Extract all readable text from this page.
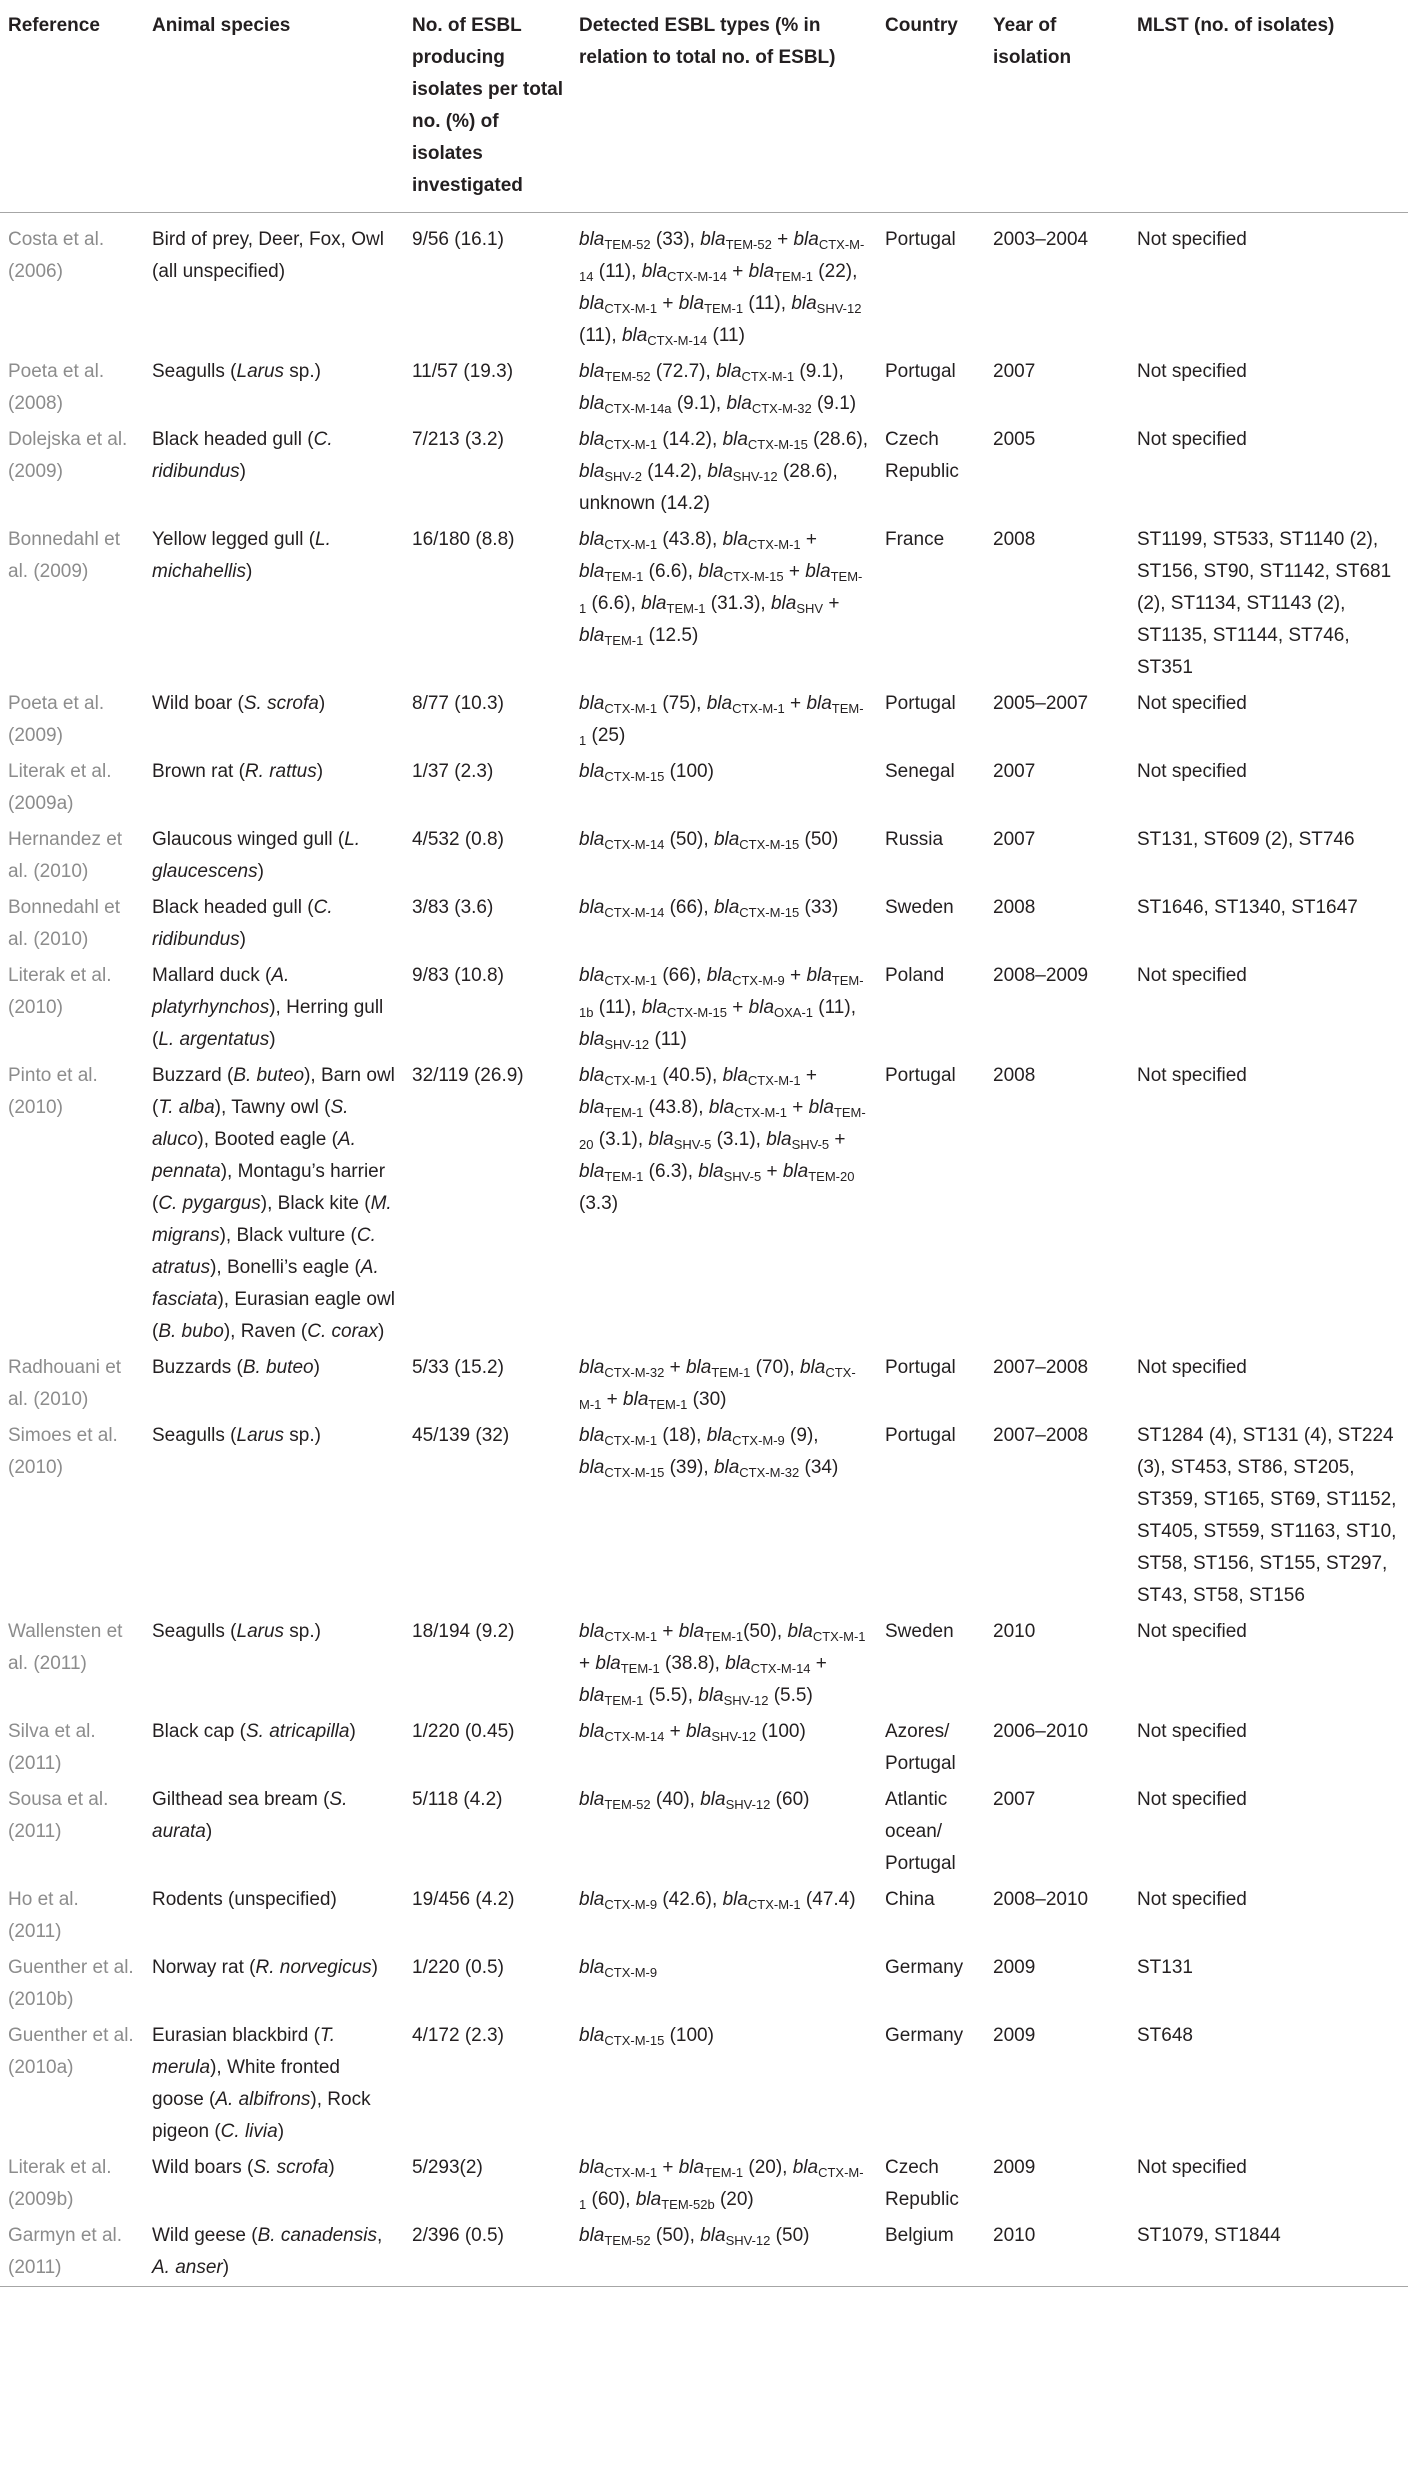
Reference	Animal species	No. of ESBL producing isolates per total no. (%) of isolates investigated	Detected ESBL types (% in relation to total no. of ESBL)	Country	Year of isolation	MLST (no. of isolates)
Costa et al. (2006)	Bird of prey, Deer, Fox, Owl (all unspecified)	9/56 (16.1)	bla$_{TEM-52}$ (33), bla$_{TEM-52}$ + bla$_{CTX-M-14}$ (11), bla$_{CTX-M-14}$ + bla$_{TEM-1}$ (22), bla$_{CTX-M-1}$ + bla$_{TEM-1}$ (11), bla$_{SHV-12}$ (11), bla$_{CTX-M-14}$ (11)	Portugal	2003–2004	Not specified
Poeta et al. (2008)	Seagulls (Larus sp.)	11/57 (19.3)	bla$_{TEM-52}$ (72.7), bla$_{CTX-M-1}$ (9.1), bla$_{CTX-M-14a}$ (9.1), bla$_{CTX-M-32}$ (9.1)	Portugal	2007	Not specified
Dolejska et al. (2009)	Black headed gull (C. ridibundus)	7/213 (3.2)	bla$_{CTX-M-1}$ (14.2), bla$_{CTX-M-15}$ (28.6), bla$_{SHV-2}$ (14.2), bla$_{SHV-12}$ (28.6), unknown (14.2)	Czech Republic	2005	Not specified
Bonnedahl et al. (2009)	Yellow legged gull (L. michahellis)	16/180 (8.8)	bla$_{CTX-M-1}$ (43.8), bla$_{CTX-M-1}$ + bla$_{TEM-1}$ (6.6), bla$_{CTX-M-15}$ + bla$_{TEM-1}$ (6.6), bla$_{TEM-1}$ (31.3), bla$_{SHV}$ + bla$_{TEM-1}$ (12.5)	France	2008	ST1199, ST533, ST1140 (2), ST156, ST90, ST1142, ST681 (2), ST1134, ST1143 (2), ST1135, ST1144, ST746, ST351
Poeta et al. (2009)	Wild boar (S. scrofa)	8/77 (10.3)	bla$_{CTX-M-1}$ (75), bla$_{CTX-M-1}$ + bla$_{TEM-1}$ (25)	Portugal	2005–2007	Not specified
Literak et al. (2009a)	Brown rat (R. rattus)	1/37 (2.3)	bla$_{CTX-M-15}$ (100)	Senegal	2007	Not specified
Hernandez et al. (2010)	Glaucous winged gull (L. glaucescens)	4/532 (0.8)	bla$_{CTX-M-14}$ (50), bla$_{CTX-M-15}$ (50)	Russia	2007	ST131, ST609 (2), ST746
Bonnedahl et al. (2010)	Black headed gull (C. ridibundus)	3/83 (3.6)	bla$_{CTX-M-14}$ (66), bla$_{CTX-M-15}$ (33)	Sweden	2008	ST1646, ST1340, ST1647
Literak et al. (2010)	Mallard duck (A. platyrhynchos), Herring gull (L. argentatus)	9/83 (10.8)	bla$_{CTX-M-1}$ (66), bla$_{CTX-M-9}$ + bla$_{TEM-1b}$ (11), bla$_{CTX-M-15}$ + bla$_{OXA-1}$ (11), bla$_{SHV-12}$ (11)	Poland	2008–2009	Not specified
Pinto et al. (2010)	Buzzard (B. buteo), Barn owl (T. alba), Tawny owl (S. aluco), Booted eagle (A. pennata), Montagu’s harrier (C. pygargus), Black kite (M. migrans), Black vulture (C. atratus), Bonelli’s eagle (A. fasciata), Eurasian eagle owl (B. bubo), Raven (C. corax)	32/119 (26.9)	bla$_{CTX-M-1}$ (40.5), bla$_{CTX-M-1}$ + bla$_{TEM-1}$ (43.8), bla$_{CTX-M-1}$ + bla$_{TEM-20}$ (3.1), bla$_{SHV-5}$ (3.1), bla$_{SHV-5}$ + bla$_{TEM-1}$ (6.3), bla$_{SHV-5}$ + bla$_{TEM-20}$ (3.3)	Portugal	2008	Not specified
Radhouani et al. (2010)	Buzzards (B. buteo)	5/33 (15.2)	bla$_{CTX-M-32}$ + bla$_{TEM-1}$ (70), bla$_{CTX-M-1}$ + bla$_{TEM-1}$ (30)	Portugal	2007–2008	Not specified
Simoes et al. (2010)	Seagulls (Larus sp.)	45/139 (32)	bla$_{CTX-M-1}$ (18), bla$_{CTX-M-9}$ (9), bla$_{CTX-M-15}$ (39), bla$_{CTX-M-32}$ (34)	Portugal	2007–2008	ST1284 (4), ST131 (4), ST224 (3), ST453, ST86, ST205, ST359, ST165, ST69, ST1152, ST405, ST559, ST1163, ST10, ST58, ST156, ST155, ST297, ST43, ST58, ST156
Wallensten et al. (2011)	Seagulls (Larus sp.)	18/194 (9.2)	bla$_{CTX-M-1}$ + bla$_{TEM-1}$(50), bla$_{CTX-M-1}$ + bla$_{TEM-1}$ (38.8), bla$_{CTX-M-14}$ + bla$_{TEM-1}$ (5.5), bla$_{SHV-12}$ (5.5)	Sweden	2010	Not specified
Silva et al. (2011)	Black cap (S. atricapilla)	1/220 (0.45)	bla$_{CTX-M-14}$ + bla$_{SHV-12}$ (100)	Azores/ Portugal	2006–2010	Not specified
Sousa et al. (2011)	Gilthead sea bream (S. aurata)	5/118 (4.2)	bla$_{TEM-52}$ (40), bla$_{SHV-12}$ (60)	Atlantic ocean/ Portugal	2007	Not specified
Ho et al. (2011)	Rodents (unspecified)	19/456 (4.2)	bla$_{CTX-M-9}$ (42.6), bla$_{CTX-M-1}$ (47.4)	China	2008–2010	Not specified
Guenther et al. (2010b)	Norway rat (R. norvegicus)	1/220 (0.5)	bla$_{CTX-M-9}$	Germany	2009	ST131
Guenther et al. (2010a)	Eurasian blackbird (T. merula), White fronted goose (A. albifrons), Rock pigeon (C. livia)	4/172 (2.3)	bla$_{CTX-M-15}$ (100)	Germany	2009	ST648
Literak et al. (2009b)	Wild boars (S. scrofa)	5/293(2)	bla$_{CTX-M-1}$ + bla$_{TEM-1}$ (20), bla$_{CTX-M-1}$ (60), bla$_{TEM-52b}$ (20)	Czech Republic	2009	Not specified
Garmyn et al. (2011)	Wild geese (B. canadensis, A. anser)	2/396 (0.5)	bla$_{TEM-52}$ (50), bla$_{SHV-12}$ (50)	Belgium	2010	ST1079, ST1844
